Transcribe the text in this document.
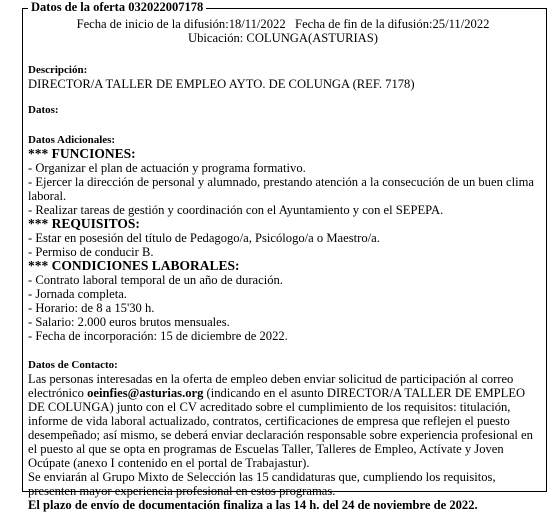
Datos de la oferta 032022007178

Fecha de inicio de la difusión:18/11/2022   Fecha de fin de la difusión:25/11/2022

Ubicación: COLUNGA(ASTURIAS)

Descripción:

DIRECTOR/A TALLER DE EMPLEO AYTO. DE COLUNGA (REF. 7178)

Datos:

Datos Adicionales:

*** FUNCIONES:

- Organizar el plan de actuación y programa formativo.

- Ejercer la dirección de personal y alumnado, prestando atención a la consecución de un buen clima laboral.

- Realizar tareas de gestión y coordinación con el Ayuntamiento y con el SEPEPA.

*** REQUISITOS:

- Estar en posesión del título de Pedagogo/a, Psicólogo/a o Maestro/a.

- Permiso de conducir B.

*** CONDICIONES LABORALES:

- Contrato laboral temporal de un año de duración.

- Jornada completa.

- Horario: de 8 a 15'30 h.

- Salario: 2.000 euros brutos mensuales.

- Fecha de incorporación: 15 de diciembre de 2022.

Datos de Contacto:

Las personas interesadas en la oferta de empleo deben enviar solicitud de participación al correo electrónico oeinfies@asturias.org (indicando en el asunto DIRECTOR/A TALLER DE EMPLEO DE COLUNGA) junto con el CV acreditado sobre el cumplimiento de los requisitos: titulación, informe de vida laboral actualizado, contratos, certificaciones de empresa que reflejen el puesto desempeñado; así mismo, se deberá enviar declaración responsable sobre experiencia profesional en el puesto al que se opta en programas de Escuelas Taller, Talleres de Empleo, Actívate y Joven Ocúpate (anexo I contenido en el portal de Trabajastur).

Se enviarán al Grupo Mixto de Selección las 15 candidaturas que, cumpliendo los requisitos, presenten mayor experiencia profesional en estos programas.

El plazo de envío de documentación finaliza a las 14 h. del 24 de noviembre de 2022.
